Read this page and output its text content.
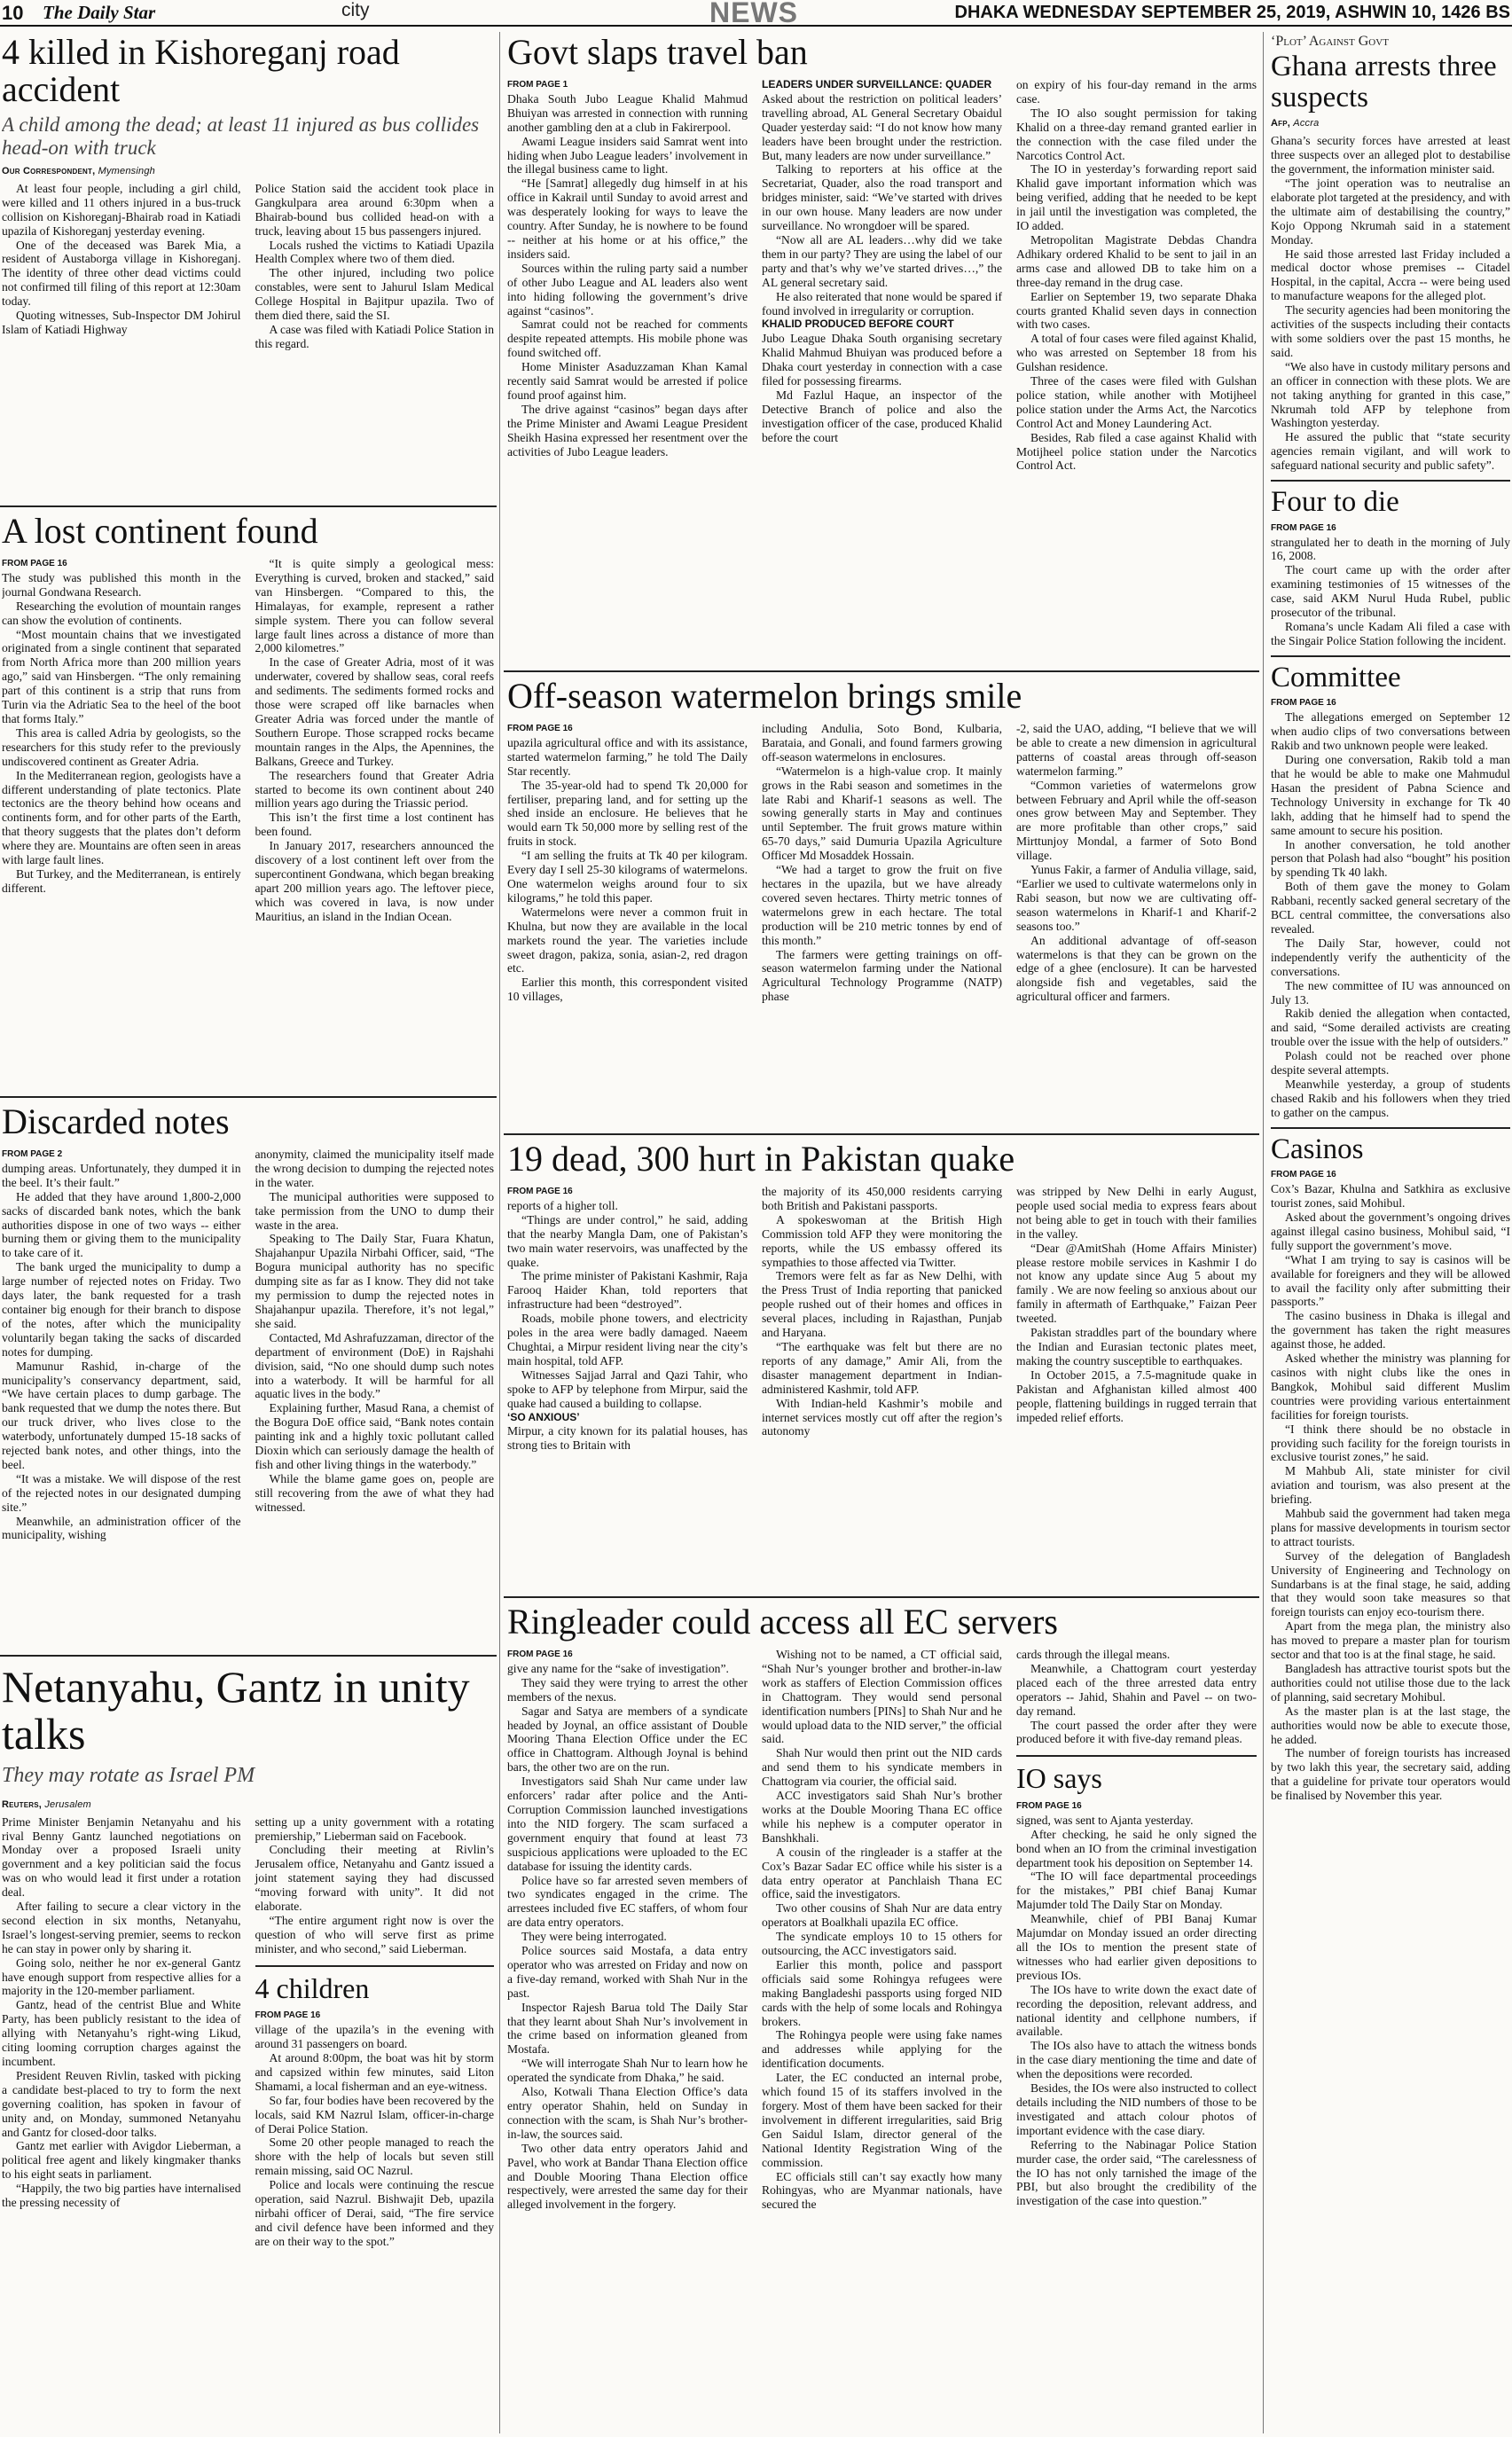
10 The Daily Star	city	NEWS	DHAKA WEDNESDAY SEPTEMBER 25, 2019, ASHWIN 10, 1426 BS
4 killed in Kishoreganj road accident
A child among the dead; at least 11 injured as bus collides head-on with truck
Our Correspondent, Mymensingh

At least four people, including a girl child, were killed and 11 others injured in a bus-truck collision on Kishoreganj-Bhairab road in Katiadi upazila of Kishoreganj yesterday evening.

One of the deceased was Barek Mia, a resident of Austaborga village in Kishoreganj. The identity of three other dead victims could not confirmed till filing of this report at 12:30am today.

Quoting witnesses, Sub-Inspector DM Johirul Islam of Katiadi Highway

Police Station said the accident took place in Gangkulpara area around 6:30pm when a Bhairab-bound bus collided head-on with a truck, leaving about 15 bus passengers injured.

Locals rushed the victims to Katiadi Upazila Health Complex where two of them died.

The other injured, including two police constables, were sent to Jahurul Islam Medical College Hospital in Bajitpur upazila. Two of them died there, said the SI.

A case was filed with Katiadi Police Station in this regard.

A lost continent found

FROM PAGE 16

The study was published this month in the journal Gondwana Research.

Researching the evolution of mountain ranges can show the evolution of continents.

“Most mountain chains that we investigated originated from a single continent that separated from North Africa more than 200 million years ago,” said van Hinsbergen. “The only remaining part of this continent is a strip that runs from Turin via the Adriatic Sea to the heel of the boot that forms Italy.”

This area is called Adria by geologists, so the researchers for this study refer to the previously undiscovered continent as Greater Adria.

In the Mediterranean region, geologists have a different understanding of plate tectonics. Plate tectonics are the theory behind how oceans and continents form, and for other parts of the Earth, that theory suggests that the plates don’t deform where they are. Mountains are often seen in areas with large fault lines.

But Turkey, and the Mediterranean, is entirely different.

“It is quite simply a geological mess: Everything is curved, broken and stacked,” said van Hinsbergen. “Compared to this, the Himalayas, for example, represent a rather simple system. There you can follow several large fault lines across a distance of more than 2,000 kilometres.”

In the case of Greater Adria, most of it was underwater, covered by shallow seas, coral reefs and sediments. The sediments formed rocks and those were scraped off like barnacles when Greater Adria was forced under the mantle of Southern Europe. Those scrapped rocks became mountain ranges in the Alps, the Apennines, the Balkans, Greece and Turkey.

The researchers found that Greater Adria started to become its own continent about 240 million years ago during the Triassic period.

This isn’t the first time a lost continent has been found.

In January 2017, researchers announced the discovery of a lost continent left over from the supercontinent Gondwana, which began breaking apart 200 million years ago. The leftover piece, which was covered in lava, is now under Mauritius, an island in the Indian Ocean.

Discarded notes

FROM PAGE 2

dumping areas. Unfortunately, they dumped it in the beel. It’s their fault.”

He added that they have around 1,800-2,000 sacks of discarded bank notes, which the bank authorities dispose in one of two ways -- either burning them or giving them to the municipality to take care of it.

The bank urged the municipality to dump a large number of rejected notes on Friday. Two days later, the bank requested for a trash container big enough for their branch to dispose of the notes, after which the municipality voluntarily began taking the sacks of discarded notes for dumping.

Mamunur Rashid, in-charge of the municipality’s conservancy department, said, “We have certain places to dump garbage. The bank requested that we dump the notes there. But our truck driver, who lives close to the waterbody, unfortunately dumped 15-18 sacks of rejected bank notes, and other things, into the beel.

“It was a mistake. We will dispose of the rest of the rejected notes in our designated dumping site.”

Meanwhile, an administration officer of the municipality, wishing

anonymity, claimed the municipality itself made the wrong decision to dumping the rejected notes in the water.

The municipal authorities were supposed to take permission from the UNO to dump their waste in the area.

Speaking to The Daily Star, Fuara Khatun, Shajahanpur Upazila Nirbahi Officer, said, “The Bogura municipal authority has no specific dumping site as far as I know. They did not take my permission to dump the rejected notes in Shajahanpur upazila. Therefore, it’s not legal,” she said.

Contacted, Md Ashrafuzzaman, director of the department of environment (DoE) in Rajshahi division, said, “No one should dump such notes into a waterbody. It will be harmful for all aquatic lives in the body.”

Explaining further, Masud Rana, a chemist of the Bogura DoE office said, “Bank notes contain painting ink and a highly toxic pollutant called Dioxin which can seriously damage the health of fish and other living things in the waterbody.”

While the blame game goes on, people are still recovering from the awe of what they had witnessed.

Netanyahu, Gantz in unity talks
They may rotate as Israel PM
Reuters, Jerusalem

Prime Minister Benjamin Netanyahu and his rival Benny Gantz launched negotiations on Monday over a proposed Israeli unity government and a key politician said the focus was on who would lead it first under a rotation deal.

After failing to secure a clear victory in the second election in six months, Netanyahu, Israel’s longest-serving premier, seems to reckon he can stay in power only by sharing it.

Going solo, neither he nor ex-general Gantz have enough support from respective allies for a majority in the 120-member parliament.

Gantz, head of the centrist Blue and White Party, has been publicly resistant to the idea of allying with Netanyahu’s right-wing Likud, citing looming corruption charges against the incumbent.

President Reuven Rivlin, tasked with picking a candidate best-placed to try to form the next governing coalition, has spoken in favour of unity and, on Monday, summoned Netanyahu and Gantz for closed-door talks.

Gantz met earlier with Avigdor Lieberman, a political free agent and likely kingmaker thanks to his eight seats in parliament.

“Happily, the two big parties have internalised the pressing necessity of

setting up a unity government with a rotating premiership,” Lieberman said on Facebook.

Concluding their meeting at Rivlin’s Jerusalem office, Netanyahu and Gantz issued a joint statement saying they had discussed “moving forward with unity”. It did not elaborate.

“The entire argument right now is over the question of who will serve first as prime minister, and who second,” said Lieberman.

4 children

FROM PAGE 16

village of the upazila’s in the evening with around 31 passengers on board.

At around 8:00pm, the boat was hit by storm and capsized within few minutes, said Liton Shamami, a local fisherman and an eye-witness.

So far, four bodies have been recovered by the locals, said KM Nazrul Islam, officer-in-charge of Derai Police Station.

Some 20 other people managed to reach the shore with the help of locals but seven still remain missing, said OC Nazrul.

Police and locals were continuing the rescue operation, said Nazrul. Bishwajit Deb, upazila nirbahi officer of Derai, said, “The fire service and civil defence have been informed and they are on their way to the spot.”

Govt slaps travel ban

FROM PAGE 1

Dhaka South Jubo League Khalid Mahmud Bhuiyan was arrested in connection with running another gambling den at a club in Fakirerpool.

Awami League insiders said Samrat went into hiding when Jubo League leaders’ involvement in the illegal business came to light.

“He [Samrat] allegedly dug himself in at his office in Kakrail until Sunday to avoid arrest and was desperately looking for ways to leave the country. After Sunday, he is nowhere to be found -- neither at his home or at his office,” the insiders said.

Sources within the ruling party said a number of other Jubo League and AL leaders also went into hiding following the government’s drive against “casinos”.

Samrat could not be reached for comments despite repeated attempts. His mobile phone was found switched off.

Home Minister Asaduzzaman Khan Kamal recently said Samrat would be arrested if police found proof against him.

The drive against “casinos” began days after the Prime Minister and Awami League President Sheikh Hasina expressed her resentment over the activities of Jubo League leaders.

LEADERS UNDER SURVEILLANCE: QUADER

Asked about the restriction on political leaders’ travelling abroad, AL General Secretary Obaidul Quader yesterday said: “I do not know how many leaders have been brought under the restriction. But, many leaders are now under surveillance.”

Talking to reporters at his office at the Secretariat, Quader, also the road transport and bridges minister, said: “We’ve started with drives in our own house. Many leaders are now under surveillance. No wrongdoer will be spared.

“Now all are AL leaders…why did we take them in our party? They are using the label of our party and that’s why we’ve started drives…,” the AL general secretary said.

He also reiterated that none would be spared if found involved in irregularity or corruption.

KHALID PRODUCED BEFORE COURT

Jubo League Dhaka South organising secretary Khalid Mahmud Bhuiyan was produced before a Dhaka court yesterday in connection with a case filed for possessing firearms.

Md Fazlul Haque, an inspector of the Detective Branch of police and also the investigation officer of the case, produced Khalid before the court

on expiry of his four-day remand in the arms case.

The IO also sought permission for taking Khalid on a three-day remand granted earlier in the connection with the case filed under the Narcotics Control Act.

The IO in yesterday’s forwarding report said Khalid gave important information which was being verified, adding that he needed to be kept in jail until the investigation was completed, the IO added.

Metropolitan Magistrate Debdas Chandra Adhikary ordered Khalid to be sent to jail in an arms case and allowed DB to take him on a three-day remand in the drug case.

Earlier on September 19, two separate Dhaka courts granted Khalid seven days in connection with two cases.

A total of four cases were filed against Khalid, who was arrested on September 18 from his Gulshan residence.

Three of the cases were filed with Gulshan police station, while another with Motijheel police station under the Arms Act, the Narcotics Control Act and Money Laundering Act.

Besides, Rab filed a case against Khalid with Motijheel police station under the Narcotics Control Act.

Off-season watermelon brings smile

FROM PAGE 16

upazila agricultural office and with its assistance, started watermelon farming,” he told The Daily Star recently.

The 35-year-old had to spend Tk 20,000 for fertiliser, preparing land, and for setting up the shed inside an enclosure. He believes that he would earn Tk 50,000 more by selling rest of the fruits in stock.

“I am selling the fruits at Tk 40 per kilogram. Every day I sell 25-30 kilograms of watermelons. One watermelon weighs around four to six kilograms,” he told this paper.

Watermelons were never a common fruit in Khulna, but now they are available in the local markets round the year. The varieties include sweet dragon, pakiza, sonia, asian-2, red dragon etc.

Earlier this month, this correspondent visited 10 villages,

including Andulia, Soto Bond, Kulbaria, Barataia, and Gonali, and found farmers growing off-season watermelons in enclosures.

“Watermelon is a high-value crop. It mainly grows in the Rabi season and sometimes in the late Rabi and Kharif-1 seasons as well. The sowing generally starts in May and continues until September. The fruit grows mature within 65-70 days,” said Dumuria Upazila Agriculture Officer Md Mosaddek Hossain.

“We had a target to grow the fruit on five hectares in the upazila, but we have already covered seven hectares. Thirty metric tonnes of watermelons grew in each hectare. The total production will be 210 metric tonnes by end of this month.”

The farmers were getting trainings on off-season watermelon farming under the National Agricultural Technology Programme (NATP) phase

-2, said the UAO, adding, “I believe that we will be able to create a new dimension in agricultural patterns of coastal areas through off-season watermelon farming.”

“Common varieties of watermelons grow between February and April while the off-season ones grow between May and September. They are more profitable than other crops,” said Mirttunjoy Mondal, a farmer of Soto Bond village.

Yunus Fakir, a farmer of Andulia village, said, “Earlier we used to cultivate watermelons only in Rabi season, but now we are cultivating off-season watermelons in Kharif-1 and Kharif-2 seasons too.”

An additional advantage of off-season watermelons is that they can be grown on the edge of a ghee (enclosure). It can be harvested alongside fish and vegetables, said the agricultural officer and farmers.

19 dead, 300 hurt in Pakistan quake

FROM PAGE 16

reports of a higher toll.

“Things are under control,” he said, adding that the nearby Mangla Dam, one of Pakistan’s two main water reservoirs, was unaffected by the quake.

The prime minister of Pakistani Kashmir, Raja Farooq Haider Khan, told reporters that infrastructure had been “destroyed”.

Roads, mobile phone towers, and electricity poles in the area were badly damaged. Naeem Chughtai, a Mirpur resident living near the city’s main hospital, told AFP.

Witnesses Sajjad Jarral and Qazi Tahir, who spoke to AFP by telephone from Mirpur, said the quake had caused a building to collapse.

‘SO ANXIOUS’

Mirpur, a city known for its palatial houses, has strong ties to Britain with

the majority of its 450,000 residents carrying both British and Pakistani passports.

A spokeswoman at the British High Commission told AFP they were monitoring the reports, while the US embassy offered its sympathies to those affected via Twitter.

Tremors were felt as far as New Delhi, with the Press Trust of India reporting that panicked people rushed out of their homes and offices in several places, including in Rajasthan, Punjab and Haryana.

“The earthquake was felt but there are no reports of any damage,” Amir Ali, from the disaster management department in Indian-administered Kashmir, told AFP.

With Indian-held Kashmir’s mobile and internet services mostly cut off after the region’s autonomy

was stripped by New Delhi in early August, people used social media to express fears about not being able to get in touch with their families in the valley.

“Dear @AmitShah (Home Affairs Minister) please restore mobile services in Kashmir I do not know any update since Aug 5 about my family . We are now feeling so anxious about our family in aftermath of Earthquake,” Faizan Peer tweeted.

Pakistan straddles part of the boundary where the Indian and Eurasian tectonic plates meet, making the country susceptible to earthquakes.

In October 2015, a 7.5-magnitude quake in Pakistan and Afghanistan killed almost 400 people, flattening buildings in rugged terrain that impeded relief efforts.

Ringleader could access all EC servers

FROM PAGE 16

give any name for the “sake of investigation”.

They said they were trying to arrest the other members of the nexus.

Sagar and Satya are members of a syndicate headed by Joynal, an office assistant of Double Mooring Thana Election Office under the EC office in Chattogram. Although Joynal is behind bars, the other two are on the run.

Investigators said Shah Nur came under law enforcers’ radar after police and the Anti-Corruption Commission launched investigations into the NID forgery. The scam surfaced a government enquiry that found at least 73 suspicious applications were uploaded to the EC database for issuing the identity cards.

Police have so far arrested seven members of two syndicates engaged in the crime. The arrestees included five EC staffers, of whom four are data entry operators.

They were being interrogated.

Police sources said Mostafa, a data entry operator who was arrested on Friday and now on a five-day remand, worked with Shah Nur in the past.

Inspector Rajesh Barua told The Daily Star that they learnt about Shah Nur’s involvement in the crime based on information gleaned from Mostafa.

“We will interrogate Shah Nur to learn how he operated the syndicate from Dhaka,” he said.

Also, Kotwali Thana Election Office’s data entry operator Shahin, held on Sunday in connection with the scam, is Shah Nur’s brother-in-law, the sources said.

Two other data entry operators Jahid and Pavel, who work at Bandar Thana Election office and Double Mooring Thana Election office respectively, were arrested the same day for their alleged involvement in the forgery.

Wishing not to be named, a CT official said, “Shah Nur’s younger brother and brother-in-law work as staffers of Election Commission offices in Chattogram. They would send personal identification numbers [PINs] to Shah Nur and he would upload data to the NID server,” the official said.

Shah Nur would then print out the NID cards and send them to his syndicate members in Chattogram via courier, the official said.

ACC investigators said Shah Nur’s brother works at the Double Mooring Thana EC office while his nephew is a computer operator in Banshkhali.

A cousin of the ringleader is a staffer at the Cox’s Bazar Sadar EC office while his sister is a data entry operator at Panchlaish Thana EC office, said the investigators.

Two other cousins of Shah Nur are data entry operators at Boalkhali upazila EC office.

The syndicate employs 10 to 15 others for outsourcing, the ACC investigators said.

Earlier this month, police and passport officials said some Rohingya refugees were making Bangladeshi passports using forged NID cards with the help of some locals and Rohingya brokers.

The Rohingya people were using fake names and addresses while applying for the identification documents.

Later, the EC conducted an internal probe, which found 15 of its staffers involved in the forgery. Most of them have been sacked for their involvement in different irregularities, said Brig Gen Saidul Islam, director general of the National Identity Registration Wing of the commission.

EC officials still can’t say exactly how many Rohingyas, who are Myanmar nationals, have secured the

cards through the illegal means.

Meanwhile, a Chattogram court yesterday placed each of the three arrested data entry operators -- Jahid, Shahin and Pavel -- on two-day remand.

The court passed the order after they were produced before it with five-day remand pleas.

IO says

FROM PAGE 16

signed, was sent to Ajanta yesterday.

After checking, he said he only signed the bond when an IO from the criminal investigation department took his deposition on September 14.

“The IO will face departmental proceedings for the mistakes,” PBI chief Banaj Kumar Majumder told The Daily Star on Monday.

Meanwhile, chief of PBI Banaj Kumar Majumdar on Monday issued an order directing all the IOs to mention the present state of witnesses who had earlier given depositions to previous IOs.

The IOs have to write down the exact date of recording the deposition, relevant address, and national identity and cellphone numbers, if available.

The IOs also have to attach the witness bonds in the case diary mentioning the time and date of when the depositions were recorded.

Besides, the IOs were also instructed to collect details including the NID numbers of those to be investigated and attach colour photos of important evidence with the case diary.

Referring to the Nabinagar Police Station murder case, the order said, “The carelessness of the IO has not only tarnished the image of the PBI, but also brought the credibility of the investigation of the case into question.”

‘Plot’ Against Govt
Ghana arrests three suspects
Afp, Accra

Ghana’s security forces have arrested at least three suspects over an alleged plot to destabilise the government, the information minister said.

“The joint operation was to neutralise an elaborate plot targeted at the presidency, and with the ultimate aim of destabilising the country,” Kojo Oppong Nkrumah said in a statement Monday.

He said those arrested last Friday included a medical doctor whose premises -- Citadel Hospital, in the capital, Accra -- were being used to manufacture weapons for the alleged plot.

The security agencies had been monitoring the activities of the suspects including their contacts with some soldiers over the past 15 months, he said.

“We also have in custody military persons and an officer in connection with these plots. We are not taking anything for granted in this case,” Nkrumah told AFP by telephone from Washington yesterday.

He assured the public that “state security agencies remain vigilant, and will work to safeguard national security and public safety”.

Four to die

FROM PAGE 16

strangulated her to death in the morning of July 16, 2008.

The court came up with the order after examining testimonies of 15 witnesses of the case, said AKM Nurul Huda Rubel, public prosecutor of the tribunal.

Romana’s uncle Kadam Ali filed a case with the Singair Police Station following the incident.

Committee

FROM PAGE 16

The allegations emerged on September 12 when audio clips of two conversations between Rakib and two unknown people were leaked.

During one conversation, Rakib told a man that he would be able to make one Mahmudul Hasan the president of Pabna Science and Technology University in exchange for Tk 40 lakh, adding that he himself had to spend the same amount to secure his position.

In another conversation, he told another person that Polash had also “bought” his position by spending Tk 40 lakh.

Both of them gave the money to Golam Rabbani, recently sacked general secretary of the BCL central committee, the conversations also revealed.

The Daily Star, however, could not independently verify the authenticity of the conversations.

The new committee of IU was announced on July 13.

Rakib denied the allegation when contacted, and said, “Some derailed activists are creating trouble over the issue with the help of outsiders.”

Polash could not be reached over phone despite several attempts.

Meanwhile yesterday, a group of students chased Rakib and his followers when they tried to gather on the campus.

Casinos

FROM PAGE 16

Cox’s Bazar, Khulna and Satkhira as exclusive tourist zones, said Mohibul.

Asked about the government’s ongoing drives against illegal casino business, Mohibul said, “I fully support the government’s move.

“What I am trying to say is casinos will be available for foreigners and they will be allowed to avail the facility only after submitting their passports.”

The casino business in Dhaka is illegal and the government has taken the right measures against those, he added.

Asked whether the ministry was planning for casinos with night clubs like the ones in Bangkok, Mohibul said different Muslim countries were providing various entertainment facilities for foreign tourists.

“I think there should be no obstacle in providing such facility for the foreign tourists in exclusive tourist zones,” he said.

M Mahbub Ali, state minister for civil aviation and tourism, was also present at the briefing.

Mahbub said the government had taken mega plans for massive developments in tourism sector to attract tourists.

Survey of the delegation of Bangladesh University of Engineering and Technology on Sundarbans is at the final stage, he said, adding that they would soon take measures so that foreign tourists can enjoy eco-tourism there.

Apart from the mega plan, the ministry also has moved to prepare a master plan for tourism sector and that too is at the final stage, he said.

Bangladesh has attractive tourist spots but the authorities could not utilise those due to the lack of planning, said secretary Mohibul.

As the master plan is at the last stage, the authorities would now be able to execute those, he added.

The number of foreign tourists has increased by two lakh this year, the secretary said, adding that a guideline for private tour operators would be finalised by November this year.
